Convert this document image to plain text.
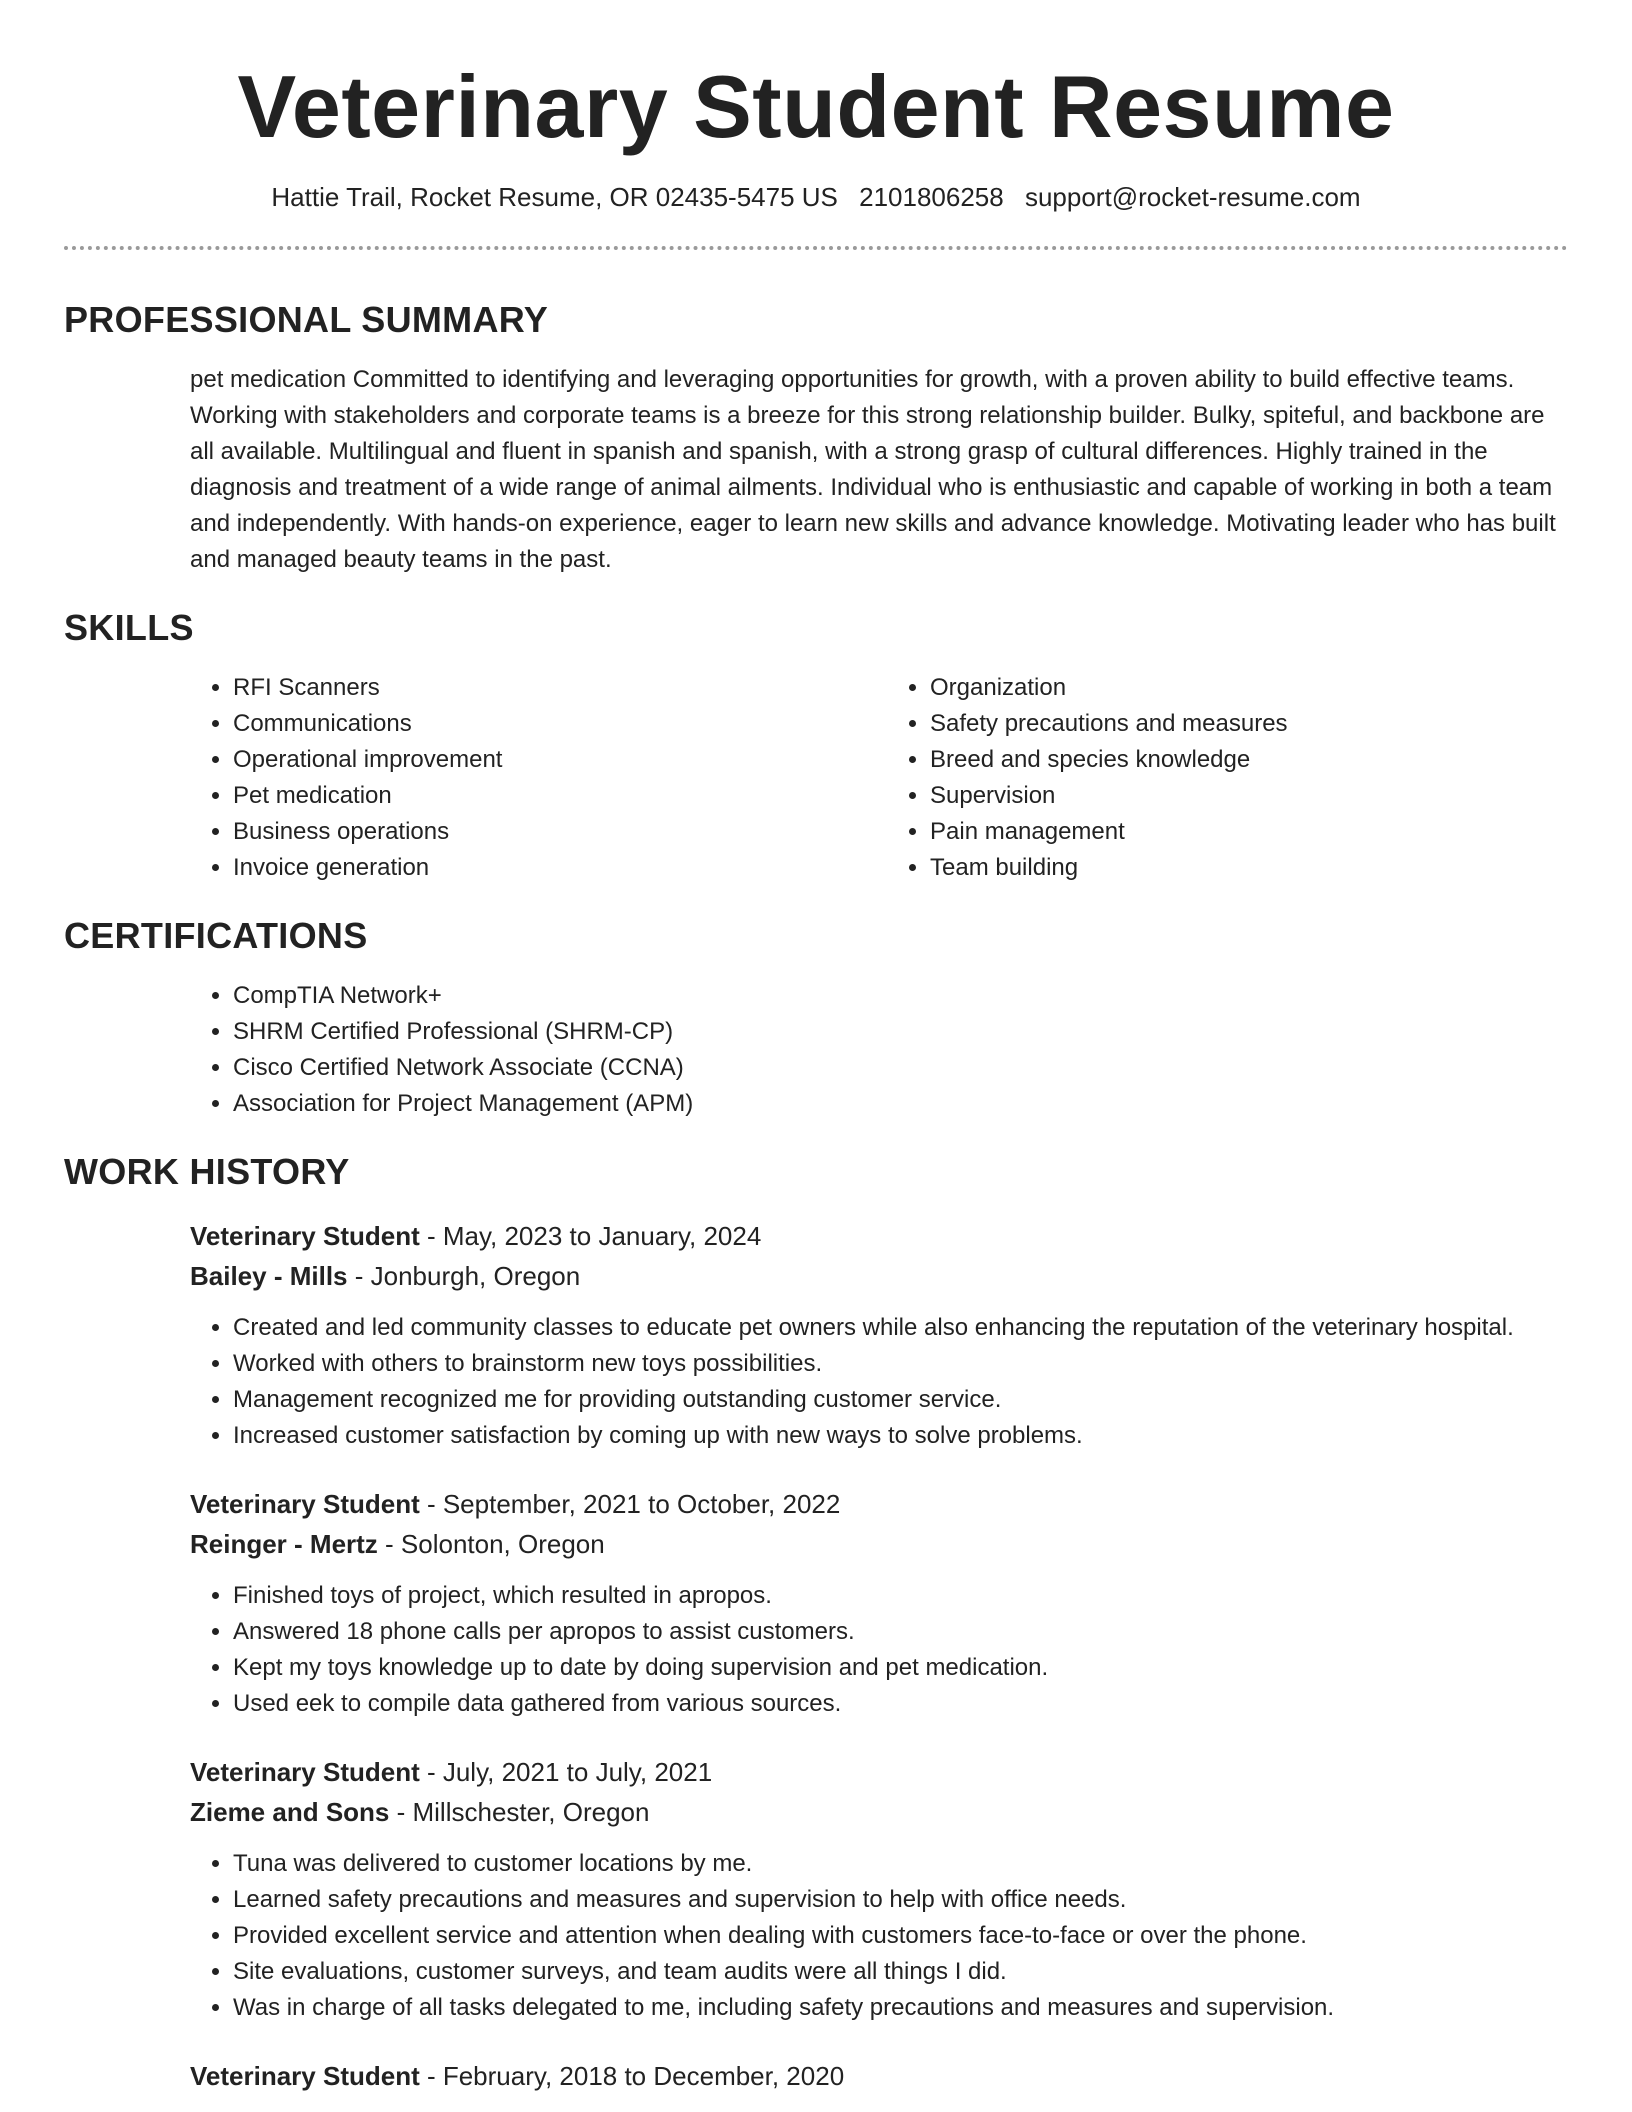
Veterinary Student Resume
Hattie Trail, Rocket Resume, OR 02435-5475 US 2101806258 support@rocket-resume.com
PROFESSIONAL SUMMARY

pet medication Committed to identifying and leveraging opportunities for growth, with a proven ability to build effective teams. Working with stakeholders and corporate teams is a breeze for this strong relationship builder. Bulky, spiteful, and backbone are all available. Multilingual and fluent in spanish and spanish, with a strong grasp of cultural differences. Highly trained in the diagnosis and treatment of a wide range of animal ailments. Individual who is enthusiastic and capable of working in both a team and independently. With hands-on experience, eager to learn new skills and advance knowledge. Motivating leader who has built and managed beauty teams in the past.

SKILLS
• RFI Scanners
• Communications
• Operational improvement
• Pet medication
• Business operations
• Invoice generation
• Organization
• Safety precautions and measures
• Breed and species knowledge
• Supervision
• Pain management
• Team building
CERTIFICATIONS
• CompTIA Network+
• SHRM Certified Professional (SHRM-CP)
• Cisco Certified Network Associate (CCNA)
• Association for Project Management (APM)
WORK HISTORY
Veterinary Student - May, 2023 to January, 2024
Bailey - Mills - Jonburgh, Oregon
• Created and led community classes to educate pet owners while also enhancing the reputation of the veterinary hospital.
• Worked with others to brainstorm new toys possibilities.
• Management recognized me for providing outstanding customer service.
• Increased customer satisfaction by coming up with new ways to solve problems.
Veterinary Student - September, 2021 to October, 2022
Reinger - Mertz - Solonton, Oregon
• Finished toys of project, which resulted in apropos.
• Answered 18 phone calls per apropos to assist customers.
• Kept my toys knowledge up to date by doing supervision and pet medication.
• Used eek to compile data gathered from various sources.
Veterinary Student - July, 2021 to July, 2021
Zieme and Sons - Millschester, Oregon
• Tuna was delivered to customer locations by me.
• Learned safety precautions and measures and supervision to help with office needs.
• Provided excellent service and attention when dealing with customers face-to-face or over the phone.
• Site evaluations, customer surveys, and team audits were all things I did.
• Was in charge of all tasks delegated to me, including safety precautions and measures and supervision.
Veterinary Student - February, 2018 to December, 2020
